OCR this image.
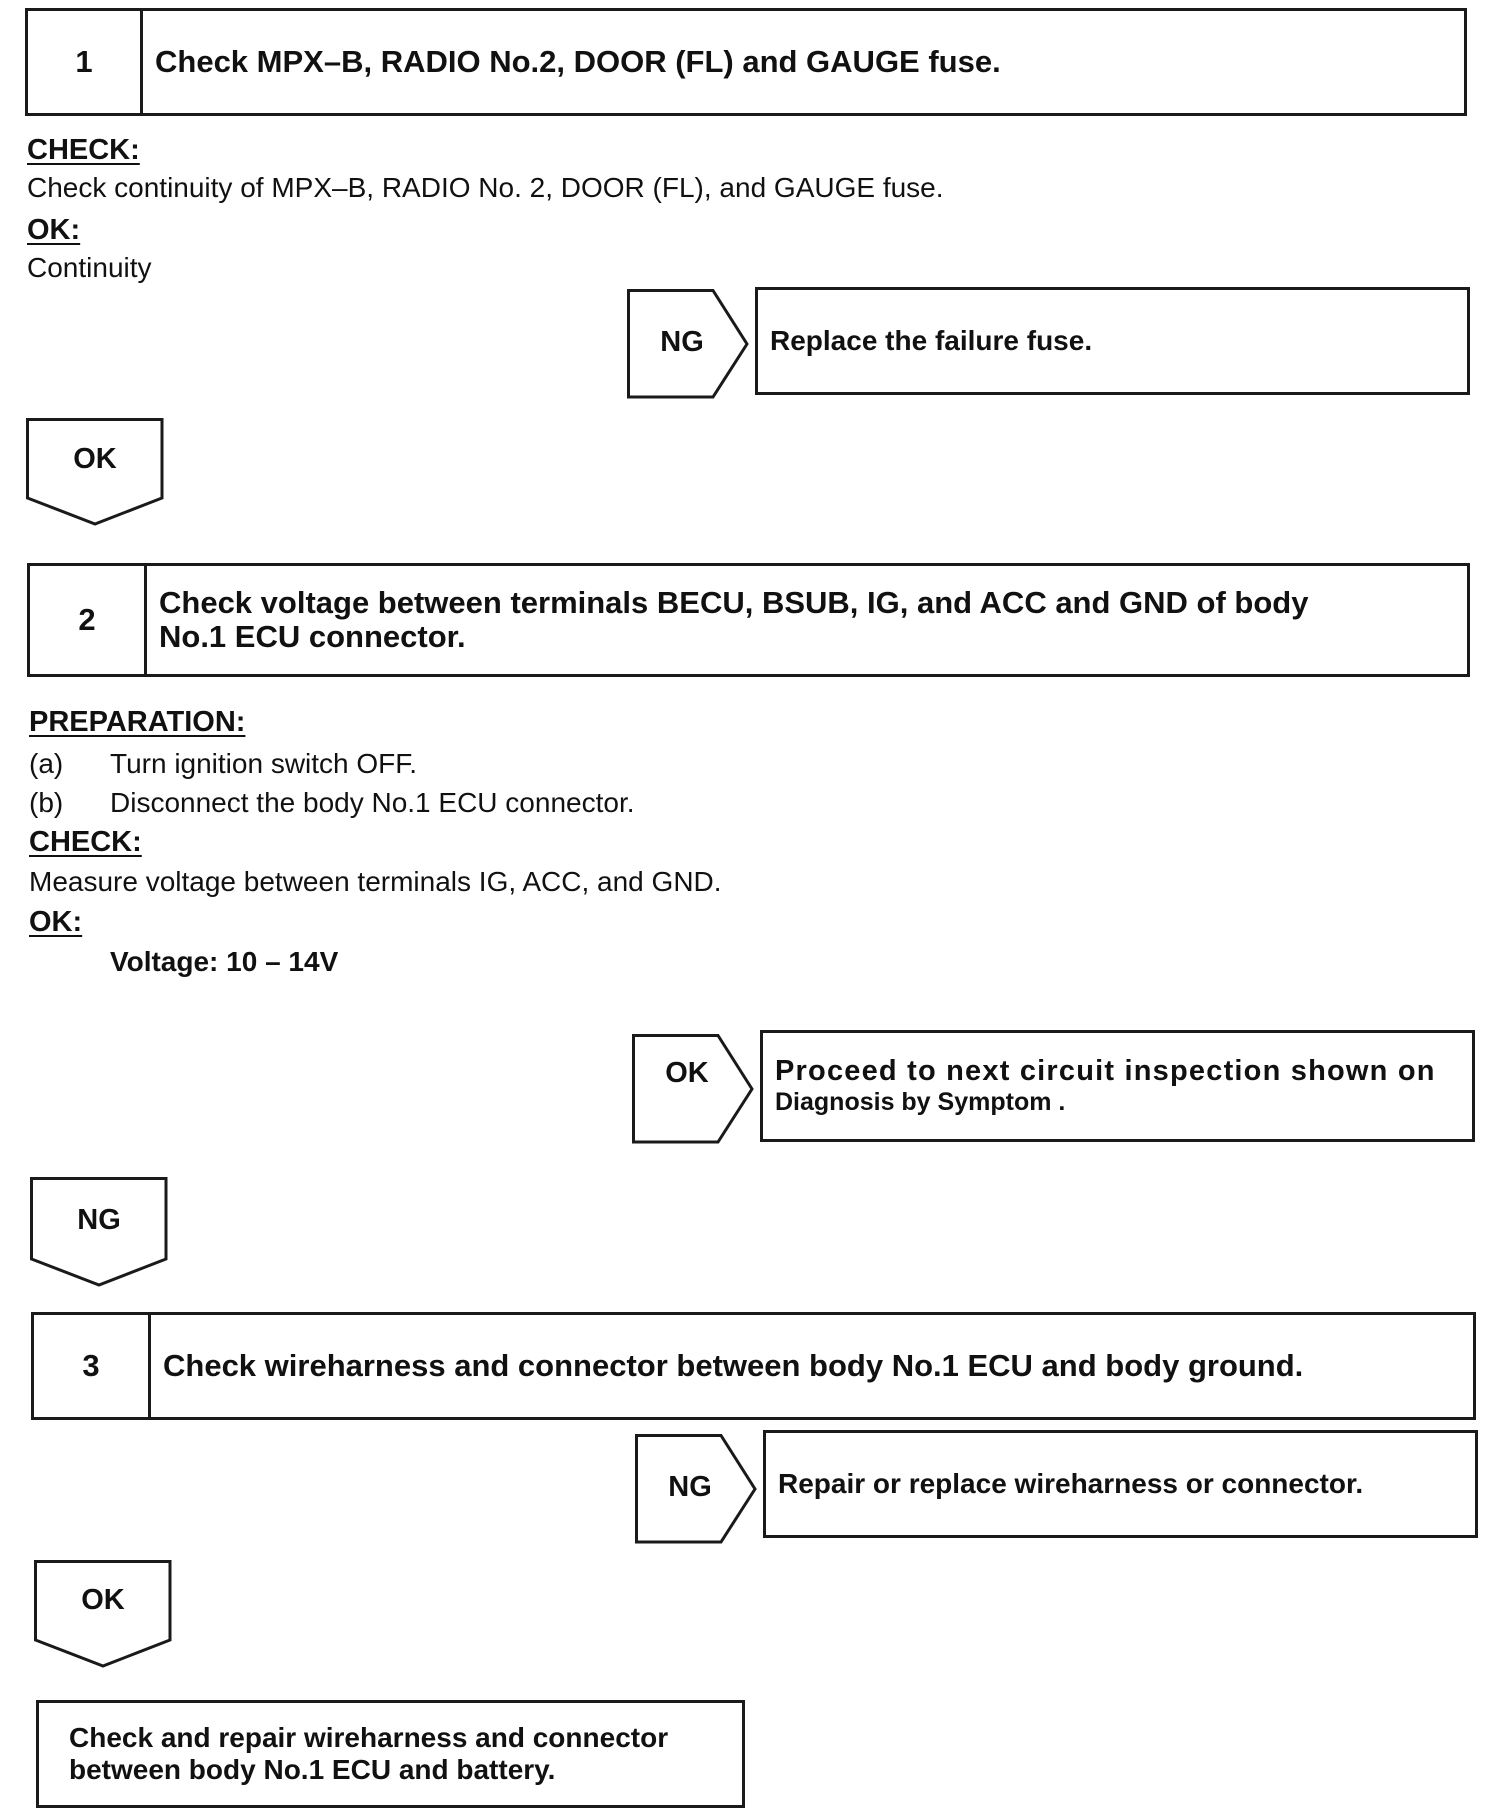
1	Check MPX–B, RADIO No.2, DOOR (FL) and GAUGE fuse.
CHECK:
Check continuity of MPX–B, RADIO No. 2, DOOR (FL), and GAUGE fuse.
OK:
Continuity
NG	Replace the failure fuse.
OK
2	Check voltage between terminals BECU, BSUB, IG, and ACC and GND of body
No.1 ECU connector.
PREPARATION:
(a) Turn ignition switch OFF.
(b) Disconnect the body No.1 ECU connector.
CHECK:
Measure voltage between terminals IG, ACC, and GND.
OK:
Voltage: 10 – 14V
OK	Proceed to next circuit inspection shown on
Diagnosis by Symptom .
NG
3	Check wireharness and connector between body No.1 ECU and body ground.
NG	Repair or replace wireharness or connector.
OK
Check and repair wireharness and connector
between body No.1 ECU and battery.
